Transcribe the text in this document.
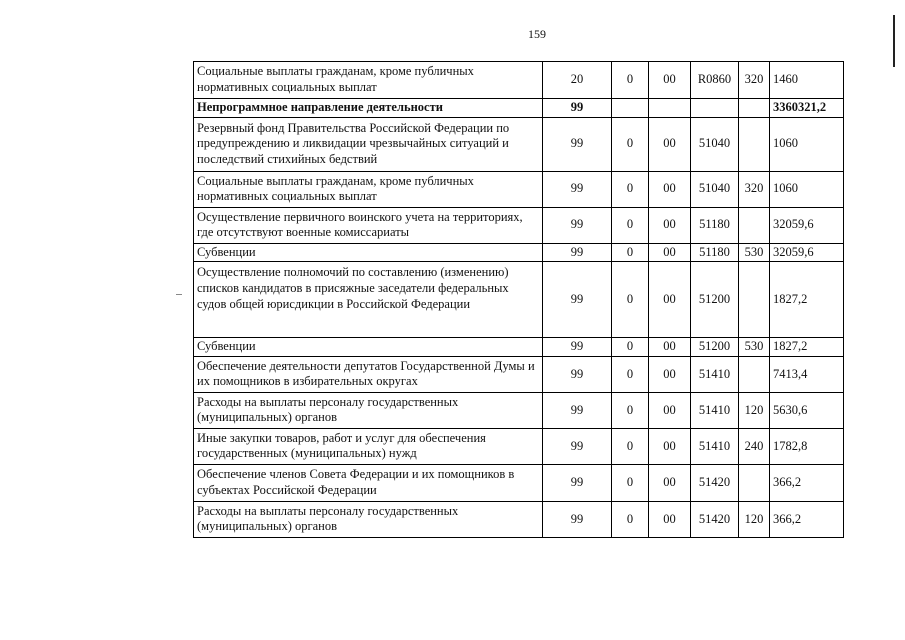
159
Социальные выплаты гражданам, кроме публичных нормативных социальных выплат	20	0	00	R0860	320	1460
Непрограммное направление деятельности	99					3360321,2
Резервный фонд Правительства Российской Федерации по предупреждению и ликвидации чрезвычайных ситуаций и последствий стихийных бедствий	99	0	00	51040		1060
Социальные выплаты гражданам, кроме публичных нормативных социальных выплат	99	0	00	51040	320	1060
Осуществление первичного воинского учета на территориях, где отсутствуют военные комиссариаты	99	0	00	51180		32059,6
Субвенции	99	0	00	51180	530	32059,6
Осуществление полномочий по составлению (изменению) списков кандидатов в присяжные заседатели федеральных судов общей юрисдикции в Российской Федерации	99	0	00	51200		1827,2
Субвенции	99	0	00	51200	530	1827,2
Обеспечение деятельности депутатов Государственной Думы и их помощников в избирательных округах	99	0	00	51410		7413,4
Расходы на выплаты персоналу государственных (муниципальных) органов	99	0	00	51410	120	5630,6
Иные закупки товаров, работ и услуг для обеспечения государственных (муниципальных) нужд	99	0	00	51410	240	1782,8
Обеспечение членов Совета Федерации и их помощников в субъектах Российской Федерации	99	0	00	51420		366,2
Расходы на выплаты персоналу государственных (муниципальных) органов	99	0	00	51420	120	366,2
